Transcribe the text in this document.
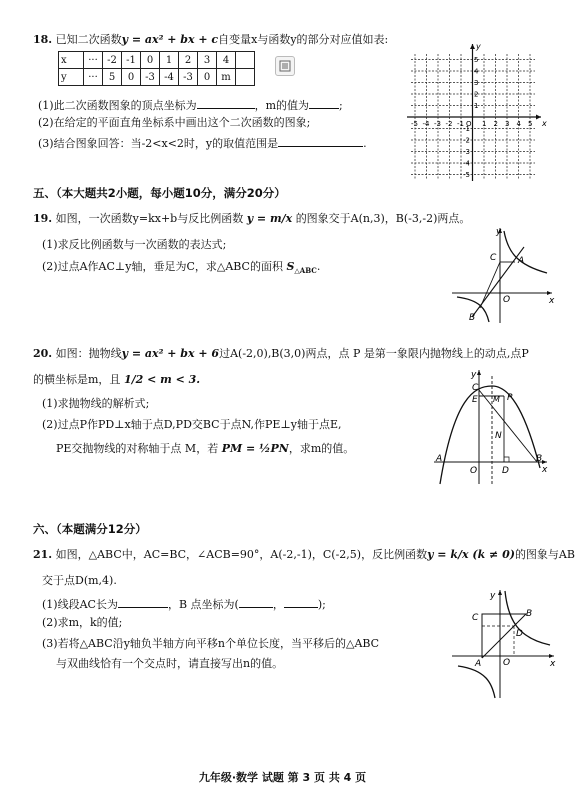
18. 已知二次函数y = ax² + bx + c自变量x与函数y的部分对应值如表:
x	···	-2	-1	0	1	2	3	4	
y	···	5	0	-3	-4	-3	0	m	
(1)此二次函数图象的顶点坐标为	，m的值为	;
(2)在给定的平面直角坐标系中画出这个二次函数的图象;
(3)结合图象回答：当-2<x<2时，y的取值范围是	.
x
y
-5 -4 -3 -2 -1 O 1 2 3 4 5
5
4
3
2
1
-1
-2
-3
-4
-5
五、（本大题共2小题，每小题10分，满分20分）
19. 如图，一次函数y=kx+b与反比例函数 y = m/x 的图象交于A(n,3)，B(-3,-2)两点。
(1)求反比例函数与一次函数的表达式;
(2)过点A作AC⊥y轴，垂足为C，求△ABC的面积 $S_{\triangle ABC}$.
y
x
C A
O
B
20. 如图：抛物线y = ax² + bx + 6过A(-2,0),B(3,0)两点，点 P 是第一象限内抛物线上的动点,点P
的横坐标是m，且 1/2 < m < 3.
(1)求抛物线的解析式;
(2)过点P作PD⊥x轴于点D,PD交BC于点N,作PE⊥y轴于点E,
PE交抛物线的对称轴于点 M，若 PM = ½PN，求m的值。
y
x
C
E M P
N
A
O	D
B
六、（本题满分12分）
21. 如图，△ABC中，AC=BC，∠ACB=90°，A(-2,-1)，C(-2,5)，反比例函数y = k/x (k ≠ 0)的图象与AB
交于点D(m,4).
(1)线段AC长为	，B 点坐标为(	，	);
(2)求m，k的值;
(3)若将△ABC沿y轴负半轴方向平移n个单位长度，当平移后的△ABC
与双曲线恰有一个交点时，请直接写出n的值。
y
x
C	B
D
A O
九年级·数学 试题 第 3 页 共 4 页
